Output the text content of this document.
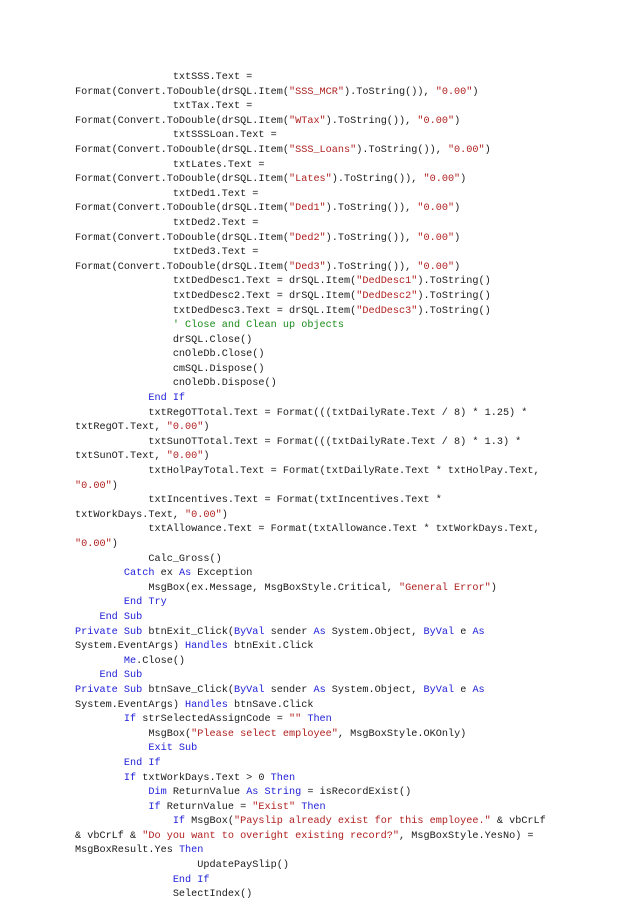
txtSSS.Text =
Format(Convert.ToDouble(drSQL.Item("SSS_MCR").ToString()), "0.00")
txtTax.Text =
Format(Convert.ToDouble(drSQL.Item("WTax").ToString()), "0.00")
txtSSSLoan.Text =
Format(Convert.ToDouble(drSQL.Item("SSS_Loans").ToString()), "0.00")
txtLates.Text =
Format(Convert.ToDouble(drSQL.Item("Lates").ToString()), "0.00")
txtDed1.Text =
Format(Convert.ToDouble(drSQL.Item("Ded1").ToString()), "0.00")
txtDed2.Text =
Format(Convert.ToDouble(drSQL.Item("Ded2").ToString()), "0.00")
txtDed3.Text =
Format(Convert.ToDouble(drSQL.Item("Ded3").ToString()), "0.00")
txtDedDesc1.Text = drSQL.Item("DedDesc1").ToString()
txtDedDesc2.Text = drSQL.Item("DedDesc2").ToString()
txtDedDesc3.Text = drSQL.Item("DedDesc3").ToString()
' Close and Clean up objects
drSQL.Close()
cnOleDb.Close()
cmSQL.Dispose()
cnOleDb.Dispose()
End If
txtRegOTTotal.Text = Format(((txtDailyRate.Text / 8) * 1.25) *
txtRegOT.Text, "0.00")
txtSunOTTotal.Text = Format(((txtDailyRate.Text / 8) * 1.3) *
txtSunOT.Text, "0.00")
txtHolPayTotal.Text = Format(txtDailyRate.Text * txtHolPay.Text,
"0.00")
txtIncentives.Text = Format(txtIncentives.Text *
txtWorkDays.Text, "0.00")
txtAllowance.Text = Format(txtAllowance.Text * txtWorkDays.Text,
"0.00")
Calc_Gross()
Catch ex As Exception
MsgBox(ex.Message, MsgBoxStyle.Critical, "General Error")
End Try
End Sub
Private Sub btnExit_Click(ByVal sender As System.Object, ByVal e As
System.EventArgs) Handles btnExit.Click
Me.Close()
End Sub
Private Sub btnSave_Click(ByVal sender As System.Object, ByVal e As
System.EventArgs) Handles btnSave.Click
If strSelectedAssignCode = "" Then
MsgBox("Please select employee", MsgBoxStyle.OKOnly)
Exit Sub
End If
If txtWorkDays.Text > 0 Then
Dim ReturnValue As String = isRecordExist()
If ReturnValue = "Exist" Then
If MsgBox("Payslip already exist for this employee." & vbCrLf
& vbCrLf & "Do you want to overight existing record?", MsgBoxStyle.YesNo) =
MsgBoxResult.Yes Then
UpdatePaySlip()
End If
SelectIndex()
